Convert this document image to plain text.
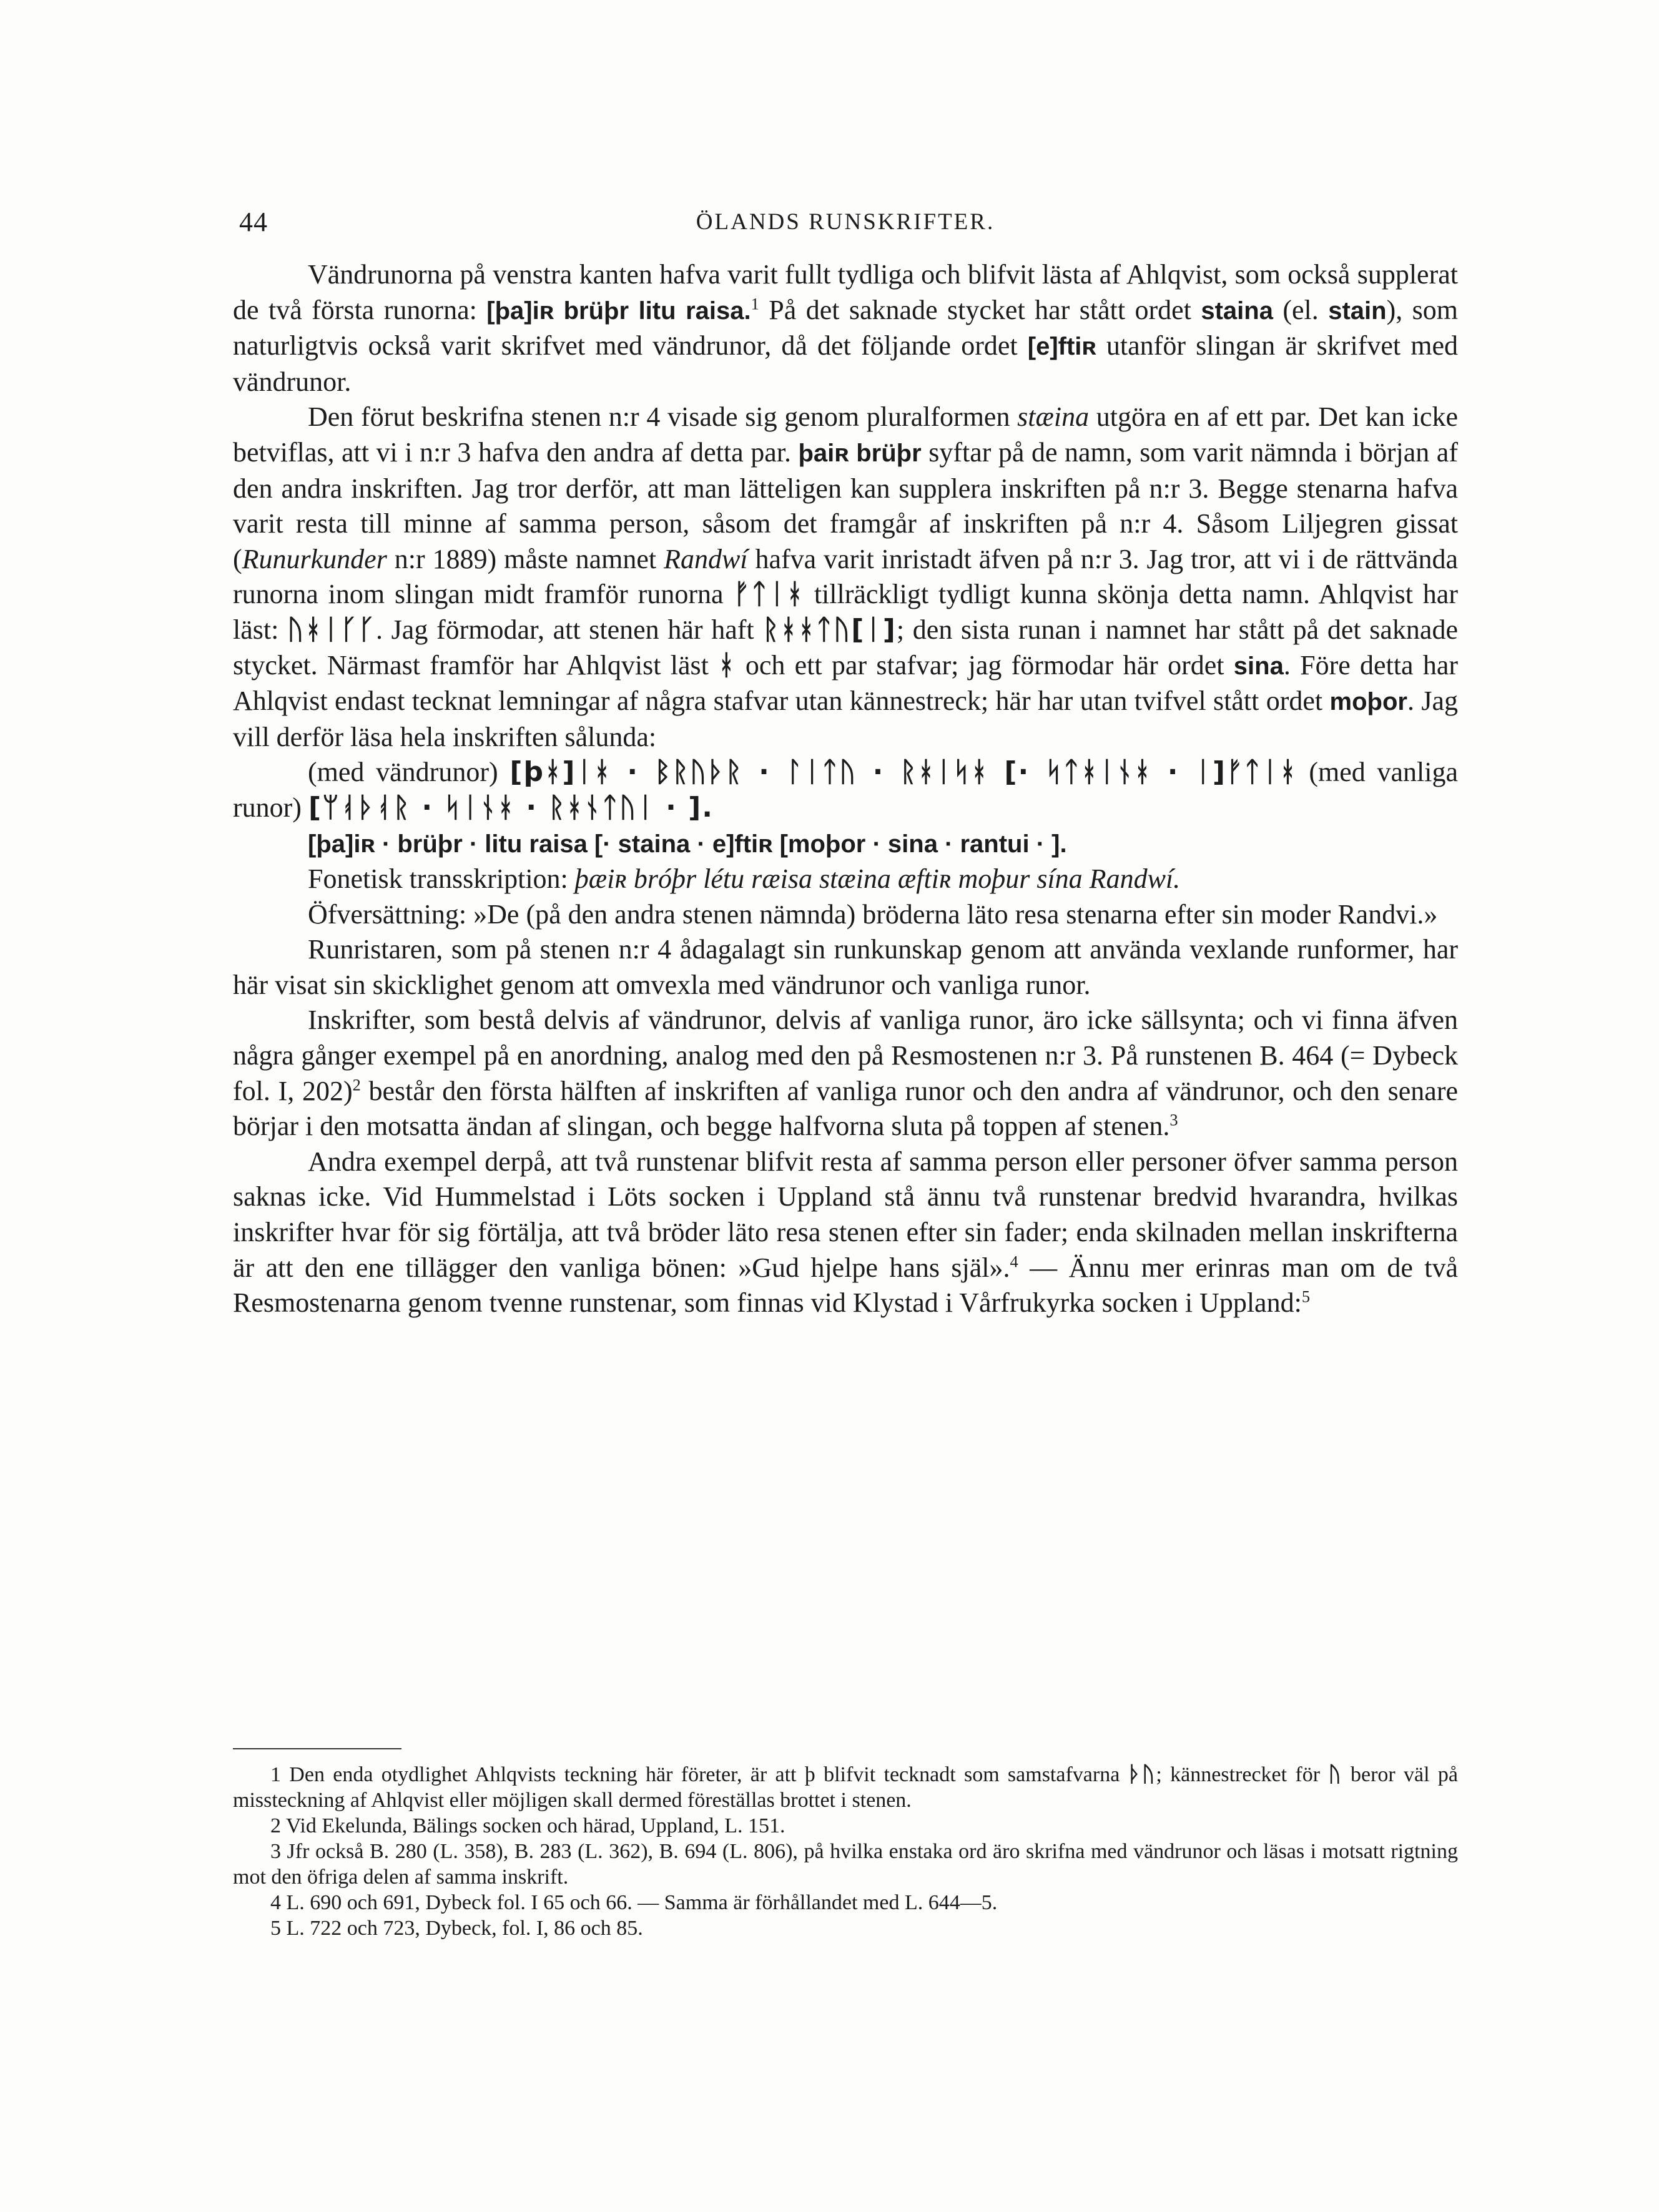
44	ÖLANDS RUNSKRIFTER.

Vändrunorna på venstra kanten hafva varit fullt tydliga och blifvit lästa af Ahlqvist, som också supplerat de två första runorna: [þa]iʀ brüþr litu raisa.$^1$ På det saknade stycket har stått ordet staina (el. stain), som naturligtvis också varit skrifvet med vändrunor, då det följande ordet [e]ftiʀ utanför slingan är skrifvet med vändrunor.

Den förut beskrifna stenen n:r 4 visade sig genom pluralformen stæina utgöra en af ett par. Det kan icke betviflas, att vi i n:r 3 hafva den andra af detta par. þaiʀ brüþr syftar på de namn, som varit nämnda i början af den andra inskriften. Jag tror derför, att man lätteligen kan supplera inskriften på n:r 3. Begge stenarna hafva varit resta till minne af samma person, såsom det framgår af inskriften på n:r 4. Såsom Liljegren gissat (Runurkunder n:r 1889) måste namnet Randwí hafva varit inristadt äfven på n:r 3. Jag tror, att vi i de rättvända runorna inom slingan midt framför runorna ᚠᛏᛁᚼ tillräckligt tydligt kunna skönja detta namn. Ahlqvist har läst: ᚢᚼᛁᚴᚴ. Jag förmodar, att stenen här haft ᚱᚼᚼᛏᚢ[ᛁ]; den sista runan i namnet har stått på det saknade stycket. Närmast framför har Ahlqvist läst ᚼ och ett par stafvar; jag förmodar här ordet sina. Före detta har Ahlqvist endast tecknat lemningar af några stafvar utan kännestreck; här har utan tvifvel stått ordet moþor. Jag vill derför läsa hela inskriften sålunda:

(med vändrunor) [þᚼ]ᛁᚼ · ᛒᚱᚢᚦᚱ · ᛚᛁᛏᚢ · ᚱᚼᛁᛋᚼ [· ᛋᛏᚼᛁᚾᚼ · ᛁ]ᚠᛏᛁᚼ (med vanliga runor) [ᛘᚮᚦᚮᚱ · ᛋᛁᚾᚼ · ᚱᚼᚾᛏᚢᛁ · ].

[þa]iʀ · brüþr · litu raisa [· staina · e]ftiʀ [moþor · sina · rantui · ].

Fonetisk transskription: þæiʀ bróþr létu ræisa stæina æftiʀ moþur sína Randwí.

Öfversättning: »De (på den andra stenen nämnda) bröderna läto resa stenarna efter sin moder Randvi.»

Runristaren, som på stenen n:r 4 ådagalagt sin runkunskap genom att använda vexlande runformer, har här visat sin skicklighet genom att omvexla med vändrunor och vanliga runor.

Inskrifter, som bestå delvis af vändrunor, delvis af vanliga runor, äro icke sällsynta; och vi finna äfven några gånger exempel på en anordning, analog med den på Resmostenen n:r 3. På runstenen B. 464 (= Dybeck fol. I, 202)$^2$ består den första hälften af inskriften af vanliga runor och den andra af vändrunor, och den senare börjar i den motsatta ändan af slingan, och begge halfvorna sluta på toppen af stenen.$^3$

Andra exempel derpå, att två runstenar blifvit resta af samma person eller personer öfver samma person saknas icke. Vid Hummelstad i Löts socken i Uppland stå ännu två runstenar bredvid hvarandra, hvilkas inskrifter hvar för sig förtälja, att två bröder läto resa stenen efter sin fader; enda skilnaden mellan inskrifterna är att den ene tillägger den vanliga bönen: »Gud hjelpe hans själ».$^4$ — Ännu mer erinras man om de två Resmostenarna genom tvenne runstenar, som finnas vid Klystad i Vårfrukyrka socken i Uppland:$^5$

1 Den enda otydlighet Ahlqvists teckning här företer, är att þ blifvit tecknadt som samstafvarna ᚦᚢ; kännestrecket för ᚢ beror väl på missteckning af Ahlqvist eller möjligen skall dermed föreställas brottet i stenen.

2 Vid Ekelunda, Bälings socken och härad, Uppland, L. 151.

3 Jfr också B. 280 (L. 358), B. 283 (L. 362), B. 694 (L. 806), på hvilka enstaka ord äro skrifna med vändrunor och läsas i motsatt rigtning mot den öfriga delen af samma inskrift.

4 L. 690 och 691, Dybeck fol. I 65 och 66. — Samma är förhållandet med L. 644—5.

5 L. 722 och 723, Dybeck, fol. I, 86 och 85.
